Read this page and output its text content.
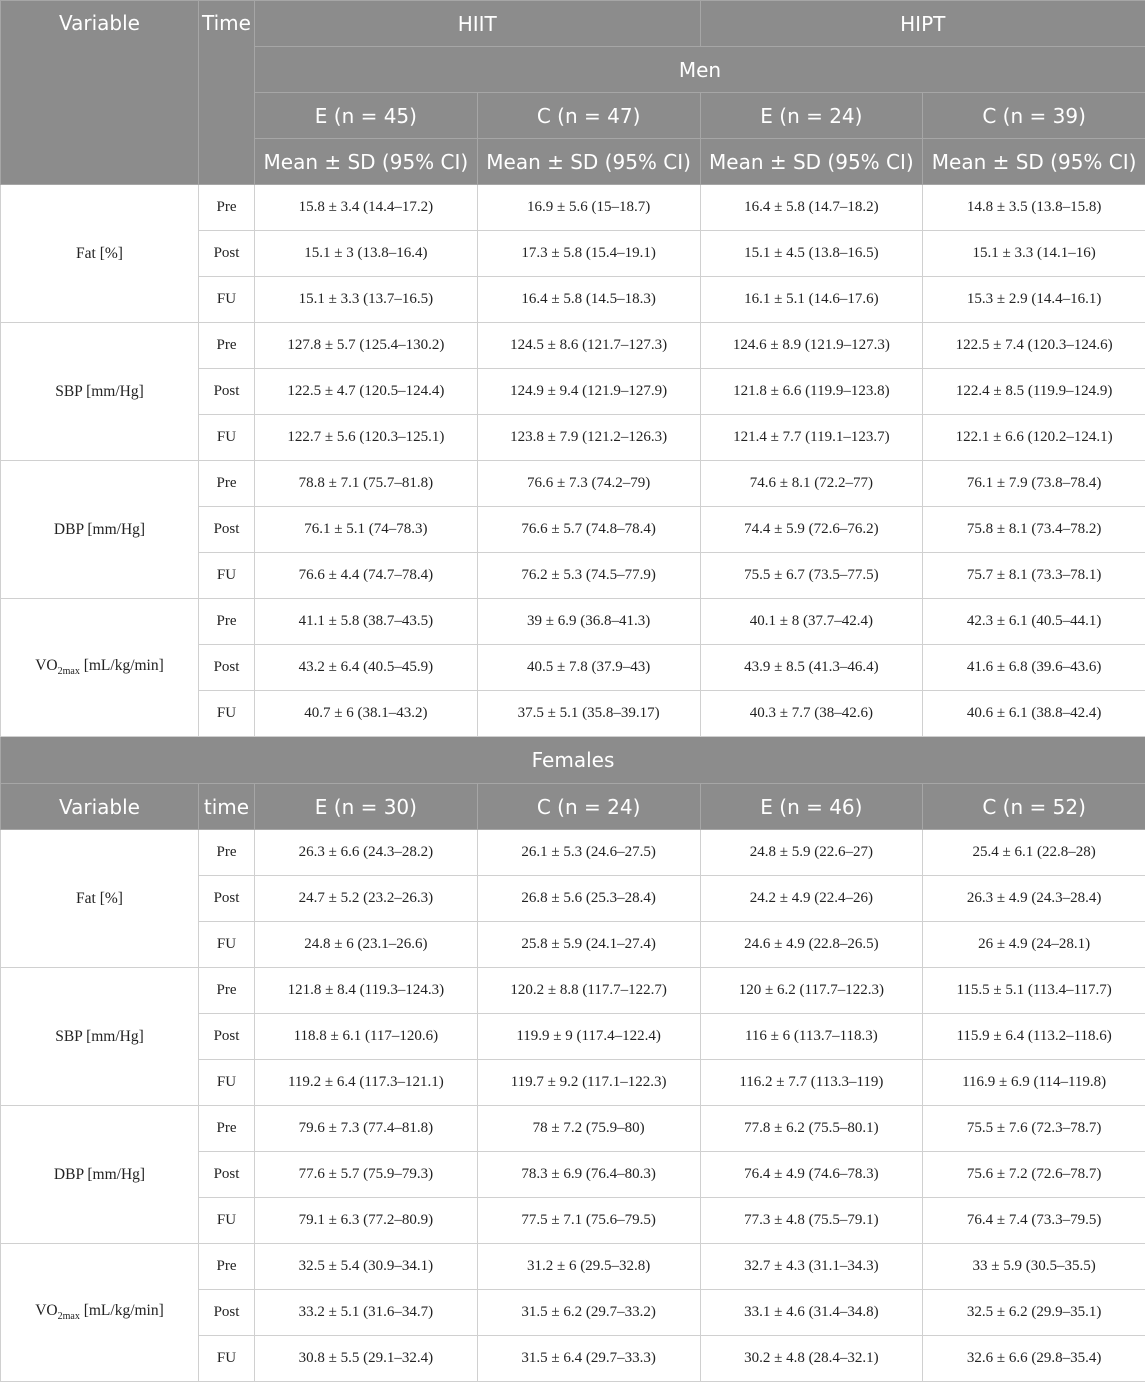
Variable	Time	HIIT		HIPT	
		Men			
		E (n = 45)	C (n = 47)	E (n = 24)	C (n = 39)
		Mean ± SD (95% CI)	Mean ± SD (95% CI)	Mean ± SD (95% CI)	Mean ± SD (95% CI)
Fat [%]	Pre	15.8 ± 3.4 (14.4–17.2)	16.9 ± 5.6 (15–18.7)	16.4 ± 5.8 (14.7–18.2)	14.8 ± 3.5 (13.8–15.8)
	Post	15.1 ± 3 (13.8–16.4)	17.3 ± 5.8 (15.4–19.1)	15.1 ± 4.5 (13.8–16.5)	15.1 ± 3.3 (14.1–16)
	FU	15.1 ± 3.3 (13.7–16.5)	16.4 ± 5.8 (14.5–18.3)	16.1 ± 5.1 (14.6–17.6)	15.3 ± 2.9 (14.4–16.1)
SBP [mm/Hg]	Pre	127.8 ± 5.7 (125.4–130.2)	124.5 ± 8.6 (121.7–127.3)	124.6 ± 8.9 (121.9–127.3)	122.5 ± 7.4 (120.3–124.6)
	Post	122.5 ± 4.7 (120.5–124.4)	124.9 ± 9.4 (121.9–127.9)	121.8 ± 6.6 (119.9–123.8)	122.4 ± 8.5 (119.9–124.9)
	FU	122.7 ± 5.6 (120.3–125.1)	123.8 ± 7.9 (121.2–126.3)	121.4 ± 7.7 (119.1–123.7)	122.1 ± 6.6 (120.2–124.1)
DBP [mm/Hg]	Pre	78.8 ± 7.1 (75.7–81.8)	76.6 ± 7.3 (74.2–79)	74.6 ± 8.1 (72.2–77)	76.1 ± 7.9 (73.8–78.4)
	Post	76.1 ± 5.1 (74–78.3)	76.6 ± 5.7 (74.8–78.4)	74.4 ± 5.9 (72.6–76.2)	75.8 ± 8.1 (73.4–78.2)
	FU	76.6 ± 4.4 (74.7–78.4)	76.2 ± 5.3 (74.5–77.9)	75.5 ± 6.7 (73.5–77.5)	75.7 ± 8.1 (73.3–78.1)
$VO_{2max}$ [mL/kg/min]	Pre	41.1 ± 5.8 (38.7–43.5)	39 ± 6.9 (36.8–41.3)	40.1 ± 8 (37.7–42.4)	42.3 ± 6.1 (40.5–44.1)
	Post	43.2 ± 6.4 (40.5–45.9)	40.5 ± 7.8 (37.9–43)	43.9 ± 8.5 (41.3–46.4)	41.6 ± 6.8 (39.6–43.6)
	FU	40.7 ± 6 (38.1–43.2)	37.5 ± 5.1 (35.8–39.17)	40.3 ± 7.7 (38–42.6)	40.6 ± 6.1 (38.8–42.4)
Females					
Variable	time	E (n = 30)	C (n = 24)	E (n = 46)	C (n = 52)
Fat [%]	Pre	26.3 ± 6.6 (24.3–28.2)	26.1 ± 5.3 (24.6–27.5)	24.8 ± 5.9 (22.6–27)	25.4 ± 6.1 (22.8–28)
	Post	24.7 ± 5.2 (23.2–26.3)	26.8 ± 5.6 (25.3–28.4)	24.2 ± 4.9 (22.4–26)	26.3 ± 4.9 (24.3–28.4)
	FU	24.8 ± 6 (23.1–26.6)	25.8 ± 5.9 (24.1–27.4)	24.6 ± 4.9 (22.8–26.5)	26 ± 4.9 (24–28.1)
SBP [mm/Hg]	Pre	121.8 ± 8.4 (119.3–124.3)	120.2 ± 8.8 (117.7–122.7)	120 ± 6.2 (117.7–122.3)	115.5 ± 5.1 (113.4–117.7)
	Post	118.8 ± 6.1 (117–120.6)	119.9 ± 9 (117.4–122.4)	116 ± 6 (113.7–118.3)	115.9 ± 6.4 (113.2–118.6)
	FU	119.2 ± 6.4 (117.3–121.1)	119.7 ± 9.2 (117.1–122.3)	116.2 ± 7.7 (113.3–119)	116.9 ± 6.9 (114–119.8)
DBP [mm/Hg]	Pre	79.6 ± 7.3 (77.4–81.8)	78 ± 7.2 (75.9–80)	77.8 ± 6.2 (75.5–80.1)	75.5 ± 7.6 (72.3–78.7)
	Post	77.6 ± 5.7 (75.9–79.3)	78.3 ± 6.9 (76.4–80.3)	76.4 ± 4.9 (74.6–78.3)	75.6 ± 7.2 (72.6–78.7)
	FU	79.1 ± 6.3 (77.2–80.9)	77.5 ± 7.1 (75.6–79.5)	77.3 ± 4.8 (75.5–79.1)	76.4 ± 7.4 (73.3–79.5)
$VO_{2max}$ [mL/kg/min]	Pre	32.5 ± 5.4 (30.9–34.1)	31.2 ± 6 (29.5–32.8)	32.7 ± 4.3 (31.1–34.3)	33 ± 5.9 (30.5–35.5)
	Post	33.2 ± 5.1 (31.6–34.7)	31.5 ± 6.2 (29.7–33.2)	33.1 ± 4.6 (31.4–34.8)	32.5 ± 6.2 (29.9–35.1)
	FU	30.8 ± 5.5 (29.1–32.4)	31.5 ± 6.4 (29.7–33.3)	30.2 ± 4.8 (28.4–32.1)	32.6 ± 6.6 (29.8–35.4)
